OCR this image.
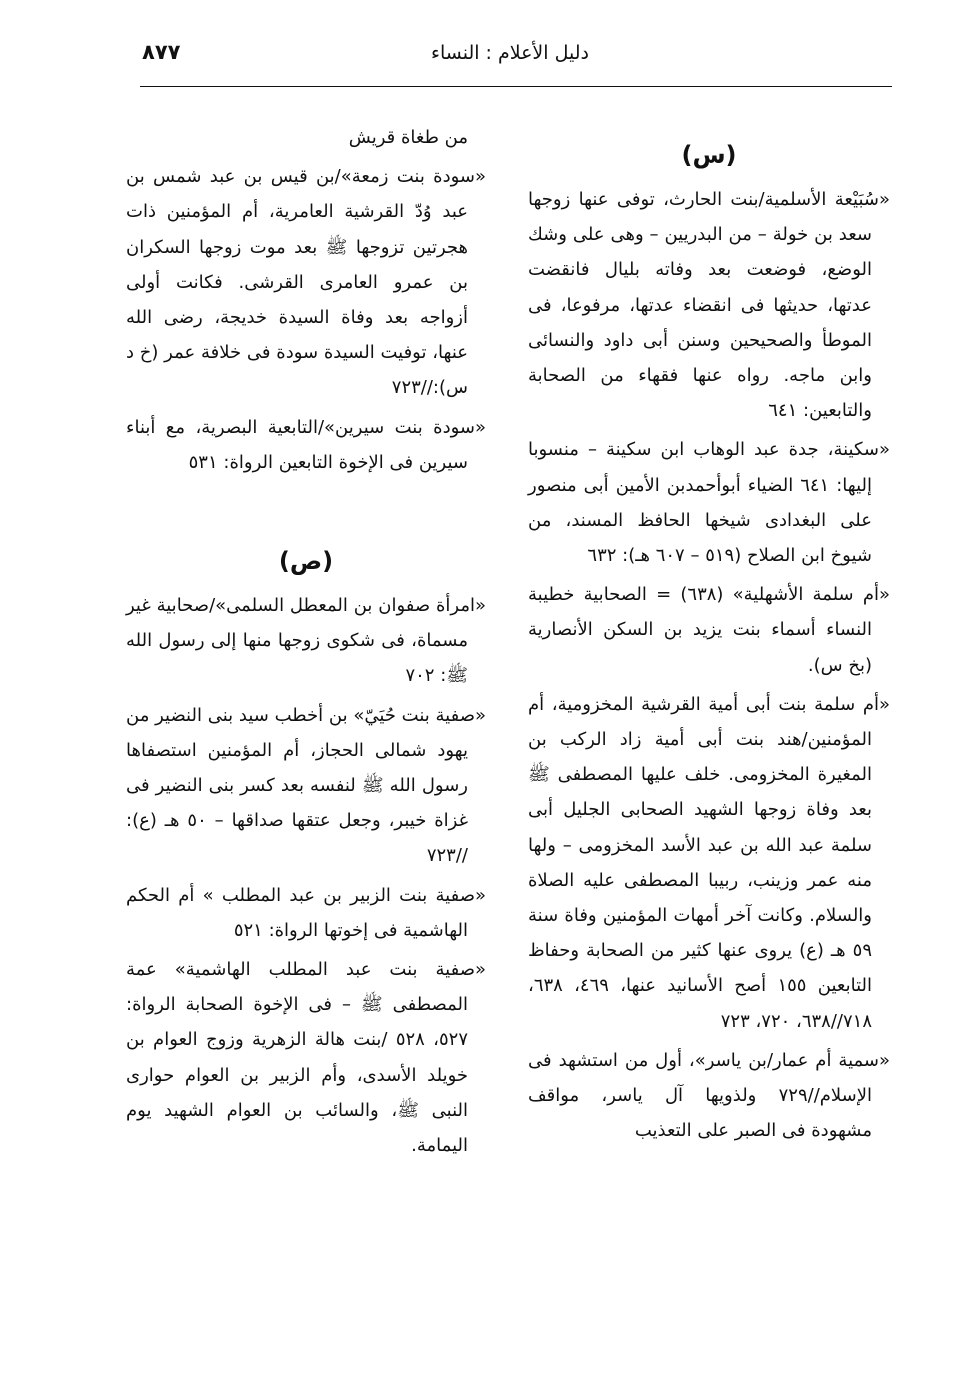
٨٧٧	دليل الأعلام : النساء
(س)

«سُبَيْعة الأسلمية/بنت الحارث، توفى عنها زوجها سعد بن خولة – من البدريين – وهى على وشك الوضع، فوضعت بعد وفاته بليال فانقضت عدتها، حديثها فى انقضاء عدتها، مرفوعا، فى الموطأ والصحيحين وسنن أبى داود والنسائى وابن ماجه. رواه عنها فقهاء من الصحابة والتابعين: ٦٤١

«سكينة، جدة عبد الوهاب ابن سكينة – منسوبا إليها: ٦٤١ الضياء أبوأحمدبن الأمين أبى منصور على البغدادى شيخها الحافظ المسند، من شيوخ ابن الصلاح (٥١٩ – ٦٠٧ هـ): ٦٣٢

«أم سلمة الأشهلية» (٦٣٨) = الصحابية خطيبة النساء أسماء بنت يزيد بن السكن الأنصارية (بخ س).

«أم سلمة بنت أبى أمية القرشية المخزومية، أم المؤمنين/هند بنت أبى أمية زاد الركب بن المغيرة المخزومى. خلف عليها المصطفى ﷺ بعد وفاة زوجها الشهيد الصحابى الجليل أبى سلمة عبد الله بن عبد الأسد المخزومى – ولها منه عمر وزينب، ربيبا المصطفى عليه الصلاة والسلام. وكانت آخر أمهات المؤمنين وفاة سنة ٥٩ هـ (ع) يروى عنها كثير من الصحابة وحفاظ التابعين ١٥٥ أصح الأسانيد عنها، ٤٦٩، ٦٣٨، ٧١٨//٦٣٨، ٧٢٠، ٧٢٣

«سمية أم عمار/بن ياسر»، أول من استشهد فى الإسلام//٧٢٩ ولذويها آل ياسر، مواقف مشهودة فى الصبر على التعذيب

من طغاة قريش

«سودة بنت زمعة»/بن قيس بن عبد شمس بن عبد وُدّ القرشية العامرية، أم المؤمنين ذات هجرتين تزوجها ﷺ بعد موت زوجها السكران بن عمرو العامرى القرشى. فكانت أولى أزواجه بعد وفاة السيدة خديجة، رضى الله عنها، توفيت السيدة سودة فى خلافة عمر (خ د س)://٧٢٣

«سودة بنت سيرين»/التابعية البصرية، مع أبناء سيرين فى الإخوة التابعين الرواة: ٥٣١

(ص)

«امرأة صفوان بن المعطل السلمى»/صحابية غير مسماة، فى شكوى زوجها منها إلى رسول الله ﷺ: ٧٠٢

«صفية بنت حُيَيّ» بن أخطب سيد بنى النضير من يهود شمالى الحجاز، أم المؤمنين استصفاها رسول الله ﷺ لنفسه بعد كسر بنى النضير فى غزاة خيبر، وجعل عتقها صداقها – ٥٠ هـ (ع): //٧٢٣

«صفية بنت الزبير بن عبد المطلب » أم الحكم الهاشمية فى إخوتها الرواة: ٥٢١

«صفية بنت عبد المطلب الهاشمية» عمة المصطفى ﷺ – فى الإخوة الصحابة الرواة: ٥٢٧، ٥٢٨ /بنت هالة الزهرية وزوج العوام بن خويلد الأسدى، وأم الزبير بن العوام حوارى النبى ﷺ، والسائب بن العوام الشهيد يوم اليمامة.
